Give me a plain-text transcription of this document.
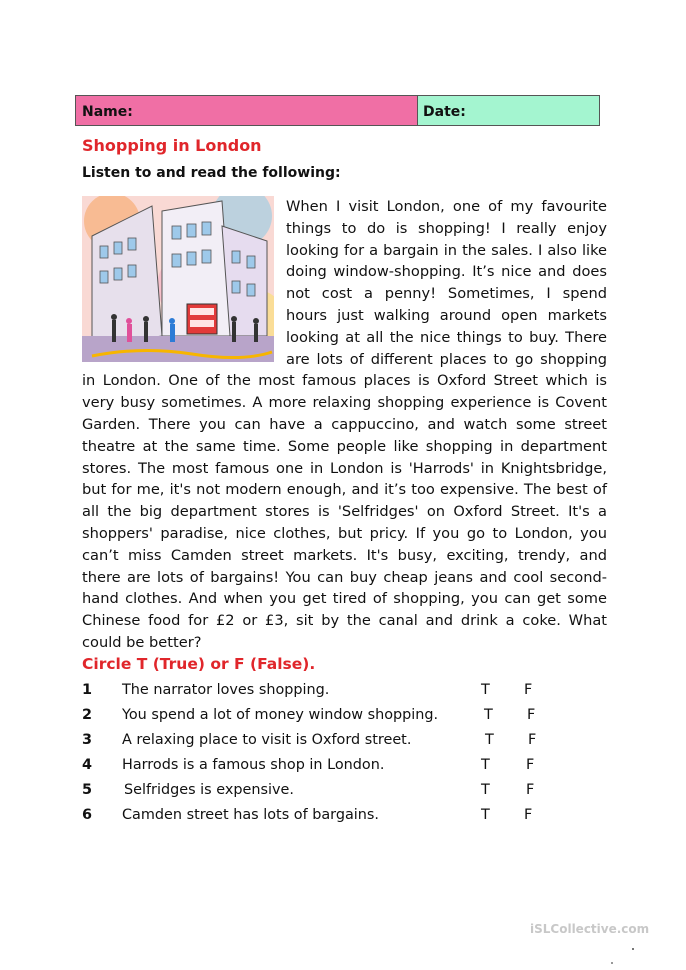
Name:	Date:
Shopping in London
Listen to and read the following:

When I visit London, one of my favourite things to do is shopping! I really enjoy looking for a bargain in the sales. I also like doing window-shopping. It’s nice and does not cost a penny! Sometimes, I spend hours just walking around open markets looking at all the nice things to buy. There are lots of different places to go shopping in London. One of the most famous places is Oxford Street which is very busy sometimes. A more relaxing shopping experience is Covent Garden. There you can have a cappuccino, and watch some street theatre at the same time. Some people like shopping in department stores. The most famous one in London is 'Harrods' in Knightsbridge, but for me, it's not modern enough, and it’s too expensive. The best of all the big department stores is 'Selfridges' on Oxford Street. It's a shoppers' paradise, nice clothes, but pricy. If you go to London, you can’t miss Camden street markets. It's busy, exciting, trendy, and there are lots of bargains! You can buy cheap jeans and cool second-hand clothes. And when you get tired of shopping, you can get some Chinese food for £2 or £3, sit by the canal and drink a coke. What could be better?

Circle T (True) or F (False).
1 The narrator loves shopping.	T F
2 You spend a lot of money window shopping.	T F
3 A relaxing place to visit is Oxford street.	T F
4 Harrods is a famous shop in London.	T	F
5 Selfridges is expensive.	T	F
6 Camden street has lots of bargains.	T F
iSLCollective.com
